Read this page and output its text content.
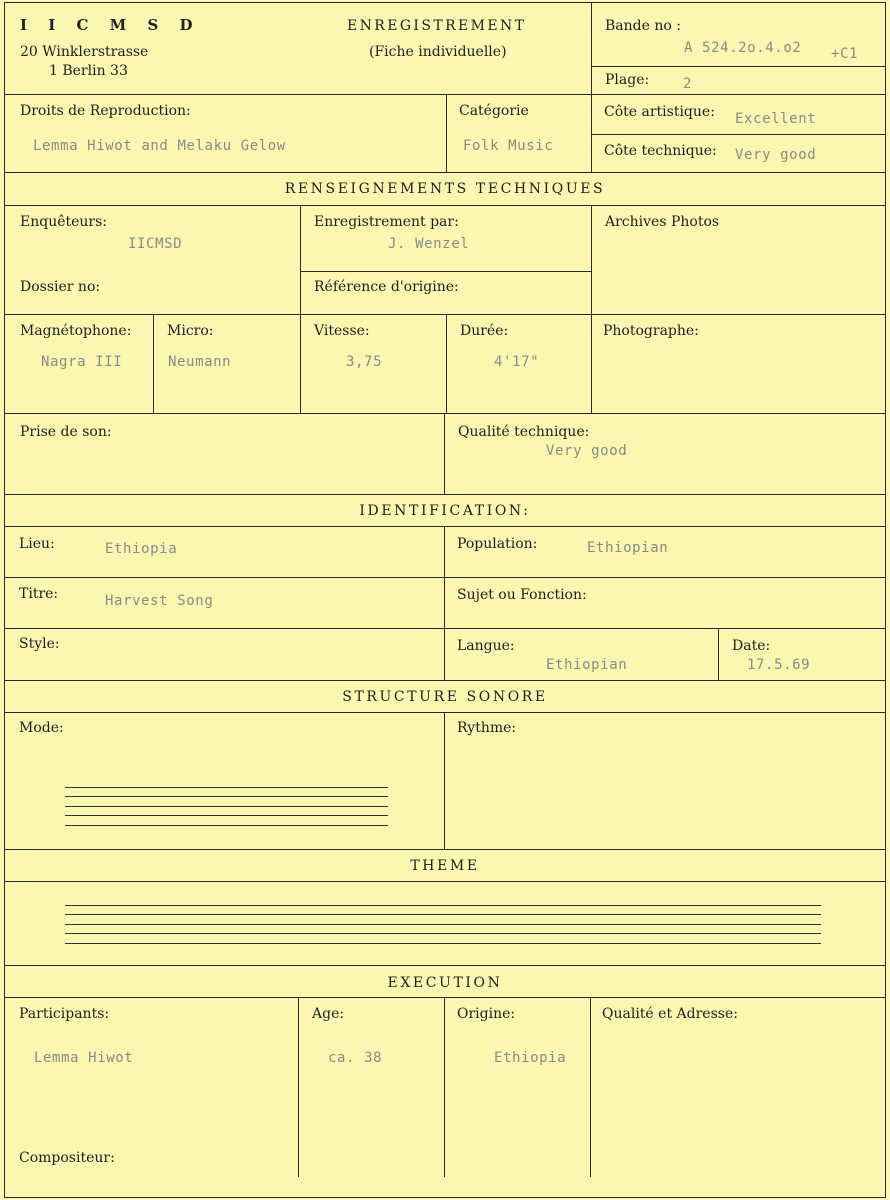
I I C M S D
20 Winklerstrasse
1 Berlin 33
ENREGISTREMENT
(Fiche individuelle)
Bande no :
A 524.2o.4.o2 +C1
Plage: 2
Droits de Reproduction:
Lemma Hiwot and Melaku Gelow
Catégorie
Folk Music
Côte artistique: Excellent
Côte technique: Very good
RENSEIGNEMENTS TECHNIQUES
Enquêteurs:
IICMSD
Enregistrement par:
J. Wenzel
Archives Photos
Dossier no:	Référence d'origine:
Magnétophone:
Nagra III
Micro:
Neumann
Vitesse:
3,75
Durée:
4'17"
Photographe:
Prise de son:	Qualité technique:
Very good
IDENTIFICATION:
Lieu:	Ethiopia	Population:	Ethiopian
Titre:	Harvest Song	Sujet ou Fonction:
Style:	Langue:
Ethiopian
Date:
17.5.69
STRUCTURE SONORE
Mode:	Rythme:
THEME
EXECUTION
Participants:
Lemma Hiwot
Age:
ca. 38
Origine:
Ethiopia
Qualité et Adresse:
Compositeur:
